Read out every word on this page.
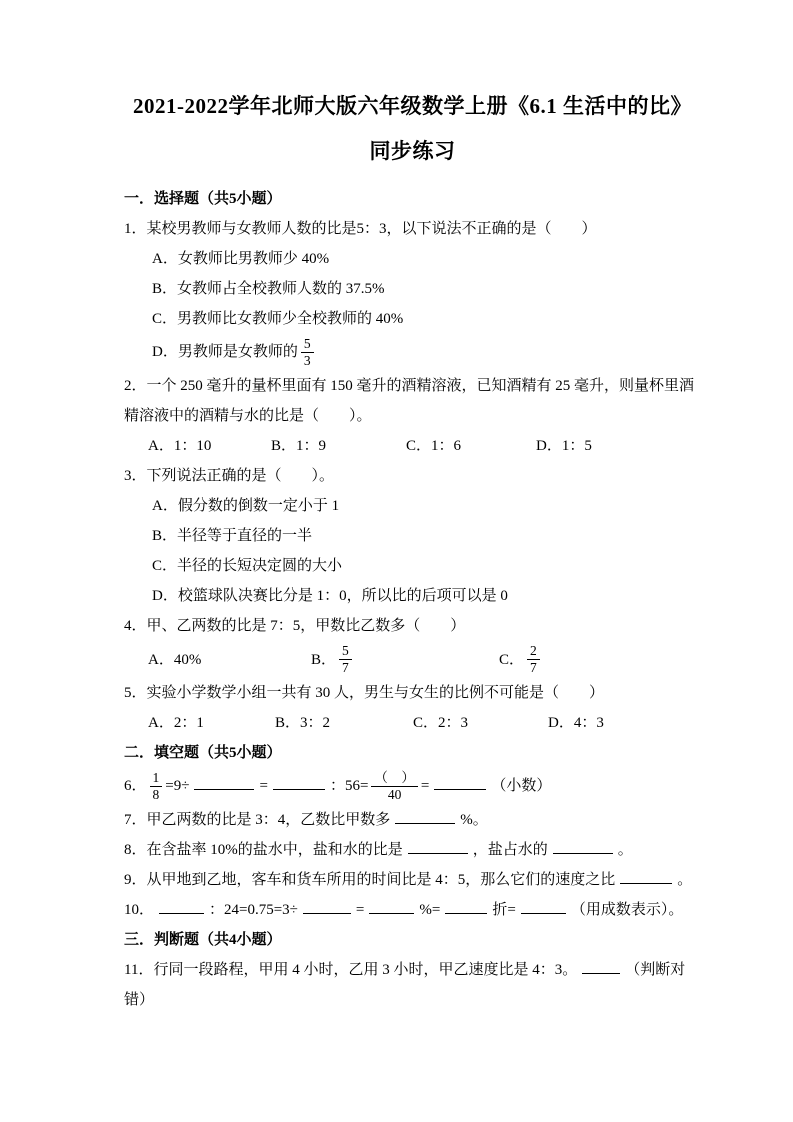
2021-2022学年北师大版六年级数学上册《6.1 生活中的比》同步练习
一．选择题（共5小题）
1．某校男教师与女教师人数的比是5：3，以下说法不正确的是（　　）
A．女教师比男教师少 40%
B．女教师占全校教师人数的 37.5%
C．男教师比女教师少全校教师的 40%
D．男教师是女教师的 $\frac{5}{3}$
2．一个 250 毫升的量杯里面有 150 毫升的酒精溶液，已知酒精有 25 毫升，则量杯里酒精溶液中的酒精与水的比是（　　）。
A．1：10	B．1：9	C．1：6	D．1：5
3．下列说法正确的是（　　）。
A．假分数的倒数一定小于 1
B．半径等于直径的一半
C．半径的长短决定圆的大小
D．校篮球队决赛比分是 1：0，所以比的后项可以是 0
4．甲、乙两数的比是 7：5，甲数比乙数多（　　）
A．40%	B． $\frac{5}{7}$	C． $\frac{2}{7}$
5．实验小学数学小组一共有 30 人，男生与女生的比例不可能是（　　）
A．2：1	B．3：2	C．2：3	D．4：3
二．填空题（共5小题）
6． $\frac{1}{8} =9\div$	=	：$56= \frac{( )}{40}$ =	（小数）
7．甲乙两数的比是 3：4，乙数比甲数多	%。
8．在含盐率 10%的盐水中，盐和水的比是	，盐占水的	。
9．从甲地到乙地，客车和货车所用的时间比是 4：5，那么它们的速度之比	。
10．	：24=0.75=3÷	=	%=	折=	（用成数表示）。
三．判断题（共4小题）
11．行同一段路程，甲用 4 小时，乙用 3 小时，甲乙速度比是 4：3。	（判断对错）
